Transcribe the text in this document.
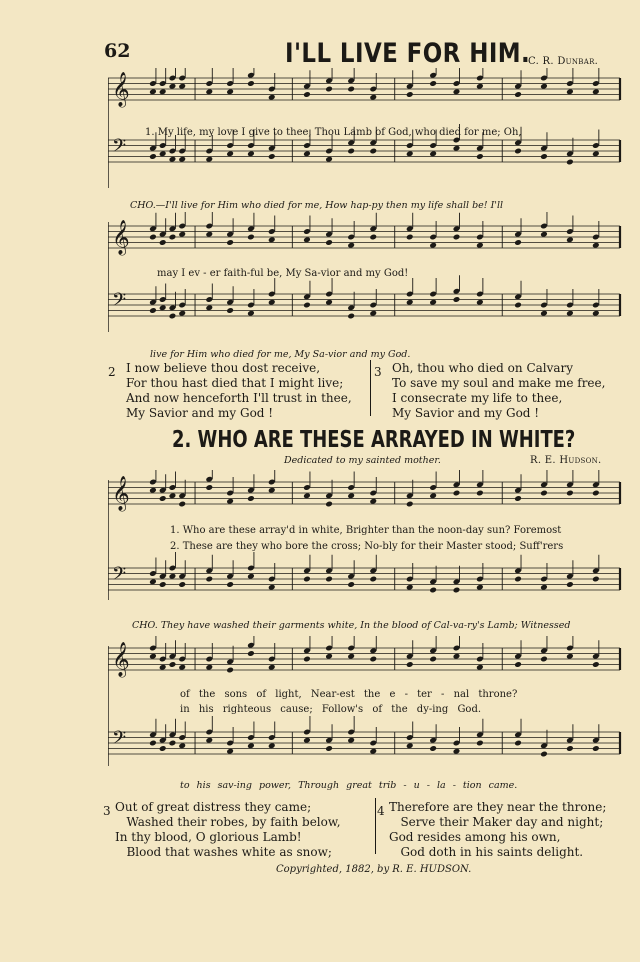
62	I'LL LIVE FOR HIM.
C. R. Dunbar.
𝄞
𝄢
1. My life, my love I give to thee, Thou Lamb of God, who died for me; Oh,
CHO.—I'll live for Him who died for me, How hap-py then my life shall be! I'll
𝄞
𝄢
may I ev - er faith-ful be, My Sa-vior and my God!
live for Him who died for me, My Sa-vior and my God.
2 I now believe thou dost receive,
For thou hast died that I might live;
And now henceforth I'll trust in thee,
My Savior and my God !
3 Oh, thou who died on Calvary
To save my soul and make me free,
I consecrate my life to thee,
My Savior and my God !
2. WHO ARE THESE ARRAYED IN WHITE?
Dedicated to my sainted mother.	R. E. Hudson.
𝄞
𝄢
1. Who are these array'd in white, Brighter than the noon-day sun? Foremost
2. These are they who bore the cross; No-bly for their Master stood; Suff'rers
CHO. They have washed their garments white, In the blood of Cal-va-ry's Lamb; Witnessed
𝄞
𝄢
of the sons of light, Near-est the e - ter - nal throne?
in his righteous cause; Follow's of the dy-ing God.
to his sav-ing power, Through great trib - u - la - tion came.
3 Out of great distress they came;
Washed their robes, by faith below,
In thy blood, O glorious Lamb!
Blood that washes white as snow;
4 Therefore are they near the throne;
Serve their Maker day and night;
God resides among his own,
God doth in his saints delight.
Copyrighted, 1882, by R. E. HUDSON.
